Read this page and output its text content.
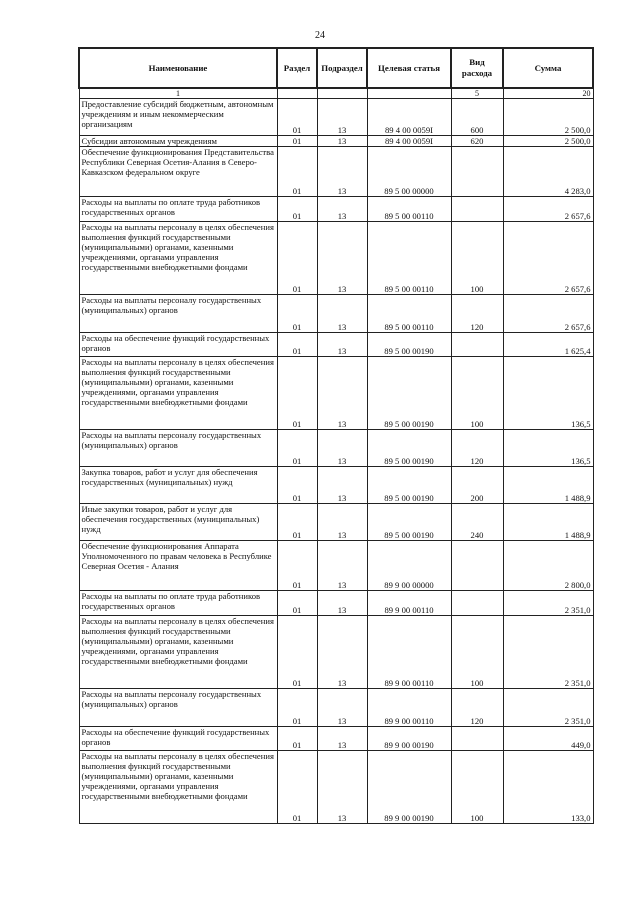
24
Наименование	Раздел	Подраздел	Целевая статья	Вид расхода	Сумма
1				5	20
Предоставление субсидий бюджетным, автономным учреждениям и иным некоммерческим организациям	01	13	89 4 00 0059I	600	2 500,0
Субсидии автономным учреждениям	01	13	89 4 00 0059I	620	2 500,0
Обеспечение функционирования Представительства Республики Северная Осетия-Алания в Северо-Кавказском федеральном округе	01	13	89 5 00 00000		4 283,0
Расходы на выплаты по оплате труда работников государственных органов	01	13	89 5 00 00110		2 657,6
Расходы на выплаты персоналу в целях обеспечения выполнения функций государственными (муниципальными) органами, казенными учреждениями, органами управления государственными внебюджетными фондами	01	13	89 5 00 00110	100	2 657,6
Расходы на выплаты персоналу государственных (муниципальных) органов	01	13	89 5 00 00110	120	2 657,6
Расходы на обеспечение функций государственных органов	01	13	89 5 00 00190		1 625,4
Расходы на выплаты персоналу в целях обеспечения выполнения функций государственными (муниципальными) органами, казенными учреждениями, органами управления государственными внебюджетными фондами	01	13	89 5 00 00190	100	136,5
Расходы на выплаты персоналу государственных (муниципальных) органов	01	13	89 5 00 00190	120	136,5
Закупка товаров, работ и услуг для обеспечения государственных (муниципальных) нужд	01	13	89 5 00 00190	200	1 488,9
Иные закупки товаров, работ и услуг для обеспечения государственных (муниципальных) нужд	01	13	89 5 00 00190	240	1 488,9
Обеспечение функционирования Аппарата Уполномоченного по правам человека в Республике Северная Осетия - Алания	01	13	89 9 00 00000		2 800,0
Расходы на выплаты по оплате труда работников государственных органов	01	13	89 9 00 00110		2 351,0
Расходы на выплаты персоналу в целях обеспечения выполнения функций государственными (муниципальными) органами, казенными учреждениями, органами управления государственными внебюджетными фондами	01	13	89 9 00 00110	100	2 351,0
Расходы на выплаты персоналу государственных (муниципальных) органов	01	13	89 9 00 00110	120	2 351,0
Расходы на обеспечение функций государственных органов	01	13	89 9 00 00190		449,0
Расходы на выплаты персоналу в целях обеспечения выполнения функций государственными (муниципальными) органами, казенными учреждениями, органами управления государственными внебюджетными фондами	01	13	89 9 00 00190	100	133,0
